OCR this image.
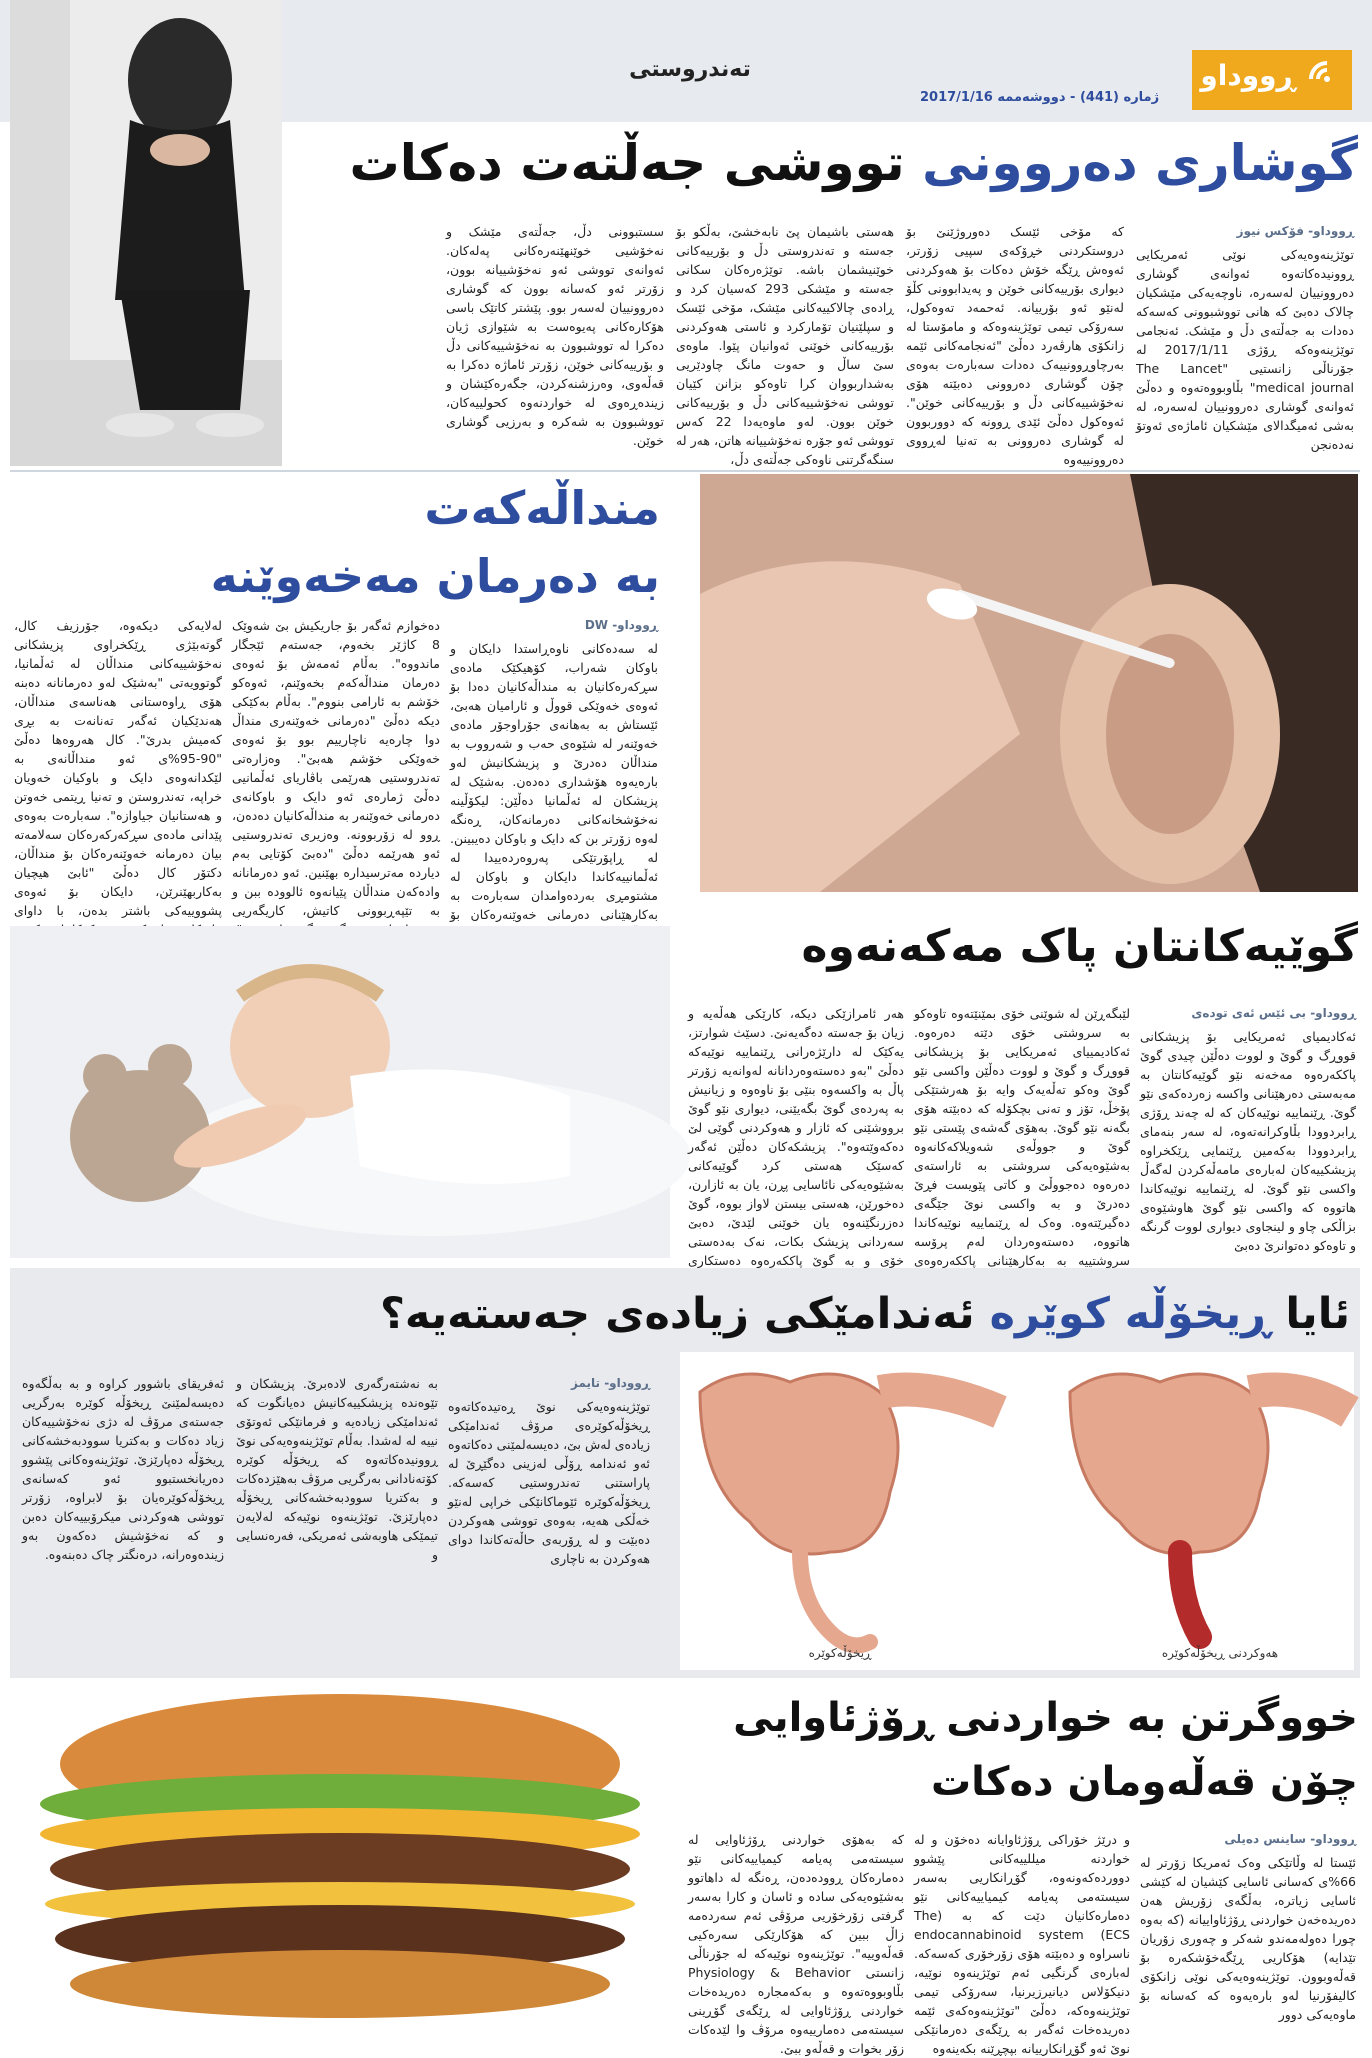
تەندروستی	ڕووداو
ژمارە (441) - دووشەممە 2017/1/16
گوشاری دەروونی تووشی جەڵتەت دەکات
ڕووداو- فۆکس نیوز

توێژینەوەیەکی نوێی ئەمریکایی ڕوونیدەکاتەوە ئەوانەی گوشاری دەروونییان لەسەرە، ناوچەیەکی مێشکیان چالاک دەبێ کە هانی تووشبوونی کەسەکە دەدات بە جەڵتەی دڵ و مێشک. ئەنجامی توێژینەوەکە ڕۆژی 2017/1/11 لە جۆرناڵی زانستیی "The Lancet medical journal" بڵاوبووەتەوە و دەڵێ ئەوانەی گوشاری دەروونییان لەسەرە، لە بەشی ئەمیگدالای مێشکیان ئاماژەی ئەوتۆ نەدەنجن

کە مۆخی ئێسک دەوروژێنێ بۆ دروستکردنی خڕۆکەی سپیی زۆرتر، ئەوەش ڕێگە خۆش دەکات بۆ هەوکردنی دیواری بۆرییەکانی خوێن و پەیدابوونی کڵۆ لەنێو ئەو بۆرییانە. ئەحمەد تەوەکول، سەرۆکی تیمی توێژینەوەکە و مامۆستا لە زانکۆی هارڤەرد دەڵێ "ئەنجامەکانی ئێمە بەرچاوڕوونییەک دەدات سەبارەت بەوەی چۆن گوشاری دەروونی دەبێتە هۆی نەخۆشییەکانی دڵ و بۆرییەکانی خوێن". ئەوەکول دەڵێ ئێدی ڕوونە کە دووربوون لە گوشاری دەروونی بە تەنیا لەڕووی دەروونییەوە

هەستی باشیمان پێ نابەخشێ، بەڵکو بۆ جەستە و تەندروستی دڵ و بۆرییەکانی خوێنیشمان باشە. توێژەرەکان سکانی جەستە و مێشکی 293 کەسیان کرد و ڕادەی چالاکییەکانی مێشک، مۆخی ئێسک و سپلێنیان تۆمارکرد و ئاستی هەوکردنی بۆرییەکانی خوێنی ئەوانیان پێوا. ماوەی سێ ساڵ و حەوت مانگ چاودێریی بەشداربووان کرا تاوەکو بزانن کێیان تووشی نەخۆشییەکانی دڵ و بۆرییەکانی خوێن بوون. لەو ماوەیەدا 22 کەس تووشی ئەو جۆرە نەخۆشییانە هاتن، هەر لە سنگەگرتنی ناوەکی جەڵتەی دڵ،

سستبوونی دڵ، جەڵتەی مێشک و نەخۆشیی خوێنهێنەرەکانی پەلەکان. ئەوانەی تووشی ئەو نەخۆشییانە بوون، زۆرتر ئەو کەسانە بوون کە گوشاری دەروونییان لەسەر بوو. پێشتر کاتێک باسی هۆکارەکانی پەیوەست بە شێوازی ژیان دەکرا لە تووشبوون بە نەخۆشییەکانی دڵ و بۆرییەکانی خوێن، زۆرتر ئاماژە دەکرا بە قەڵەوی، وەرزشنەکردن، جگەرەکێشان و زیندەڕەوی لە خواردنەوە کحولییەکان، تووشبوون بە شەکرە و بەرزیی گوشاری خوێن.

منداڵەکەت
بە دەرمان مەخەوێنە
ڕووداو- DW

لە سەدەکانی ناوەڕاستدا دایکان و باوکان شەراب، کۆهیکێک مادەی سڕکەرەکانیان بە منداڵەکانیان دەدا بۆ ئەوەی خەوێکی قووڵ و ئارامیان هەبێ، ئێستاش بە بەهانەی جۆراوجۆر مادەی خەوێنەر لە شێوەی حەب و شەرووب بە منداڵان دەدرێ و پزیشکانیش لەو بارەیەوە هۆشداری دەدەن. بەشێک لە پزیشکان لە ئەڵمانیا دەڵێن: لیکۆڵینە نەخۆشخانەکانی دەرمانەکان، ڕەنگە لەوە زۆرتر بن کە دایک و باوکان دەیبینن. لە ڕاپۆرتێکی پەروەردەییدا لە ئەڵمانییەکاندا دایکان و باوکان لە مشتومڕی بەردەوامدان سەبارەت بە بەکارهێنانی دەرمانی خەوێنەرەکان بۆ

دەخوازم ئەگەر بۆ جاریکیش بێ شەوێک 8 کاژێر بخەوم، جەستەم ئێجگار ماندووە". بەڵام ئەمەش بۆ ئەوەی دەرمان منداڵەکەم بخەوێنم، ئەوەکو خۆشم بە ئارامی بنووم". بەڵام بەکێکی دیکە دەڵێ "دەرمانی خەوێنەری منداڵ دوا چارەیە ناچارییم بوو بۆ ئەوەی خەوێکی خۆشم هەبێ". وەزارەتی تەندروستیی هەرێمی باڤاریای ئەڵمانیی دەڵێ ژمارەی ئەو دایک و باوکانەی دەرمانی خەوێنەر بە منداڵەکانیان دەدەن، ڕوو لە زۆربوونە. وەزیری تەندروستیی ئەو هەرێمە دەڵێ "دەبێ کۆتایی بەم دیاردە مەترسیدارە بهێنین. ئەو دەرمانانە وادەکەن منداڵان پێیانەوە ئالوودە ببن و بە تێپەڕبوونی کاتیش، کاریگەریی

لەلایەکی دیکەوە، جۆرزیف کال، گوتەبێژی ڕێکخراوی پزیشکانی نەخۆشییەکانی منداڵان لە ئەڵمانیا، گوتوویەتی "بەشێک لەو دەرمانانە دەبنە هۆی ڕاوەستانی هەناسەی منداڵان، هەندێکیان ئەگەر تەنانەت بە بڕی کەمیش بدرێ". کال هەروەها دەڵێ "90-95%ی ئەو منداڵانەی بە لێکدانەوەی دایک و باوکیان خەویان خراپە، تەندروستن و تەنیا ڕیتمی خەوتن و هەستانیان جیاوازە". سەبارەت بەوەی پێدانی مادەی سڕکەرکەرەکان سەلامەتە بیان دەرمانە خەوێنەرەکان بۆ منداڵان، دکتۆر کال دەڵێ "ئابێ هیچیان بەکاربهێنرێن، دایکان بۆ ئەوەی پشووییەکی باشتر بدەن، با داوای

گوێیەکانتان پاک مەکەنەوە
ڕووداو- بی ئێس ئەی تودەی

ئەکادیمیای ئەمریکایی بۆ پزیشکانی قووڕگ و گوێ و لووت دەڵێن چیدی گوێ پاککەرەوە مەخەنە نێو گوێیەکانتان بە مەبەستی دەرهێنانی واکسە زەردەکەی نێو گوێ. ڕێنماییە نوێیەکان کە لە چەند ڕۆژی ڕابردوودا بڵاوکرانەتەوە، لە سەر بنەمای ڕابردوودا بەکەمین ڕێنمایی ڕێکخراوە پزیشکییەکان لەبارەی مامەڵەکردن لەگەڵ واکسی نێو گوێ. لە ڕێنماییە نوێیەکاندا هاتووە کە واکسی نێو گوێ هاوشێوەی بزاڵکی چاو و لینجاوی دیواری لووت گرنگە و تاوەکو دەتوانرێ دەبێ

لێبگەڕێن لە شوێنی خۆی بمێنێتەوە تاوەکو بە سروشتی خۆی دێتە دەرەوە. ئەکادیمییای ئەمریکایی بۆ پزیشکانی قووڕگ و گوێ و لووت دەڵێن واکسی نێو گوێ وەکو تەڵەیەک وایە بۆ هەرشتێکی پۆخڵ، تۆز و تەنی بچکۆلە کە دەبێتە هۆی بگەنە نێو گوێ. بەهۆی گەشەی پێستی نێو گوێ و جووڵەی شەویلاکەکانەوە بەشێوەیەکی سروشتی بە ئاراستەی دەرەوە دەجووڵێ و کاتی پێویست فڕێ دەدرێ و بە واکسی نوێ جێگەی دەگیرێتەوە. وەک لە ڕێنماییە نوێیەکاندا هاتووە، دەستەوەردان لەم پرۆسە سروشتییە بە بەکارهێنانی پاککەرەوەی

هەر ئامرازێکی دیکە، کارێکی هەڵەیە و زیان بۆ جەستە دەگەیەنێ. دسێث شوارتز، یەکێک لە دارێژەرانی ڕێنماییە نوێیەکە دەڵێ "بەو دەستەوەردانانە لەوانەیە زۆرتر پاڵ بە واکسەوە بنێی بۆ ناوەوە و زیانیش بە پەردەی گوێ بگەیێنی، دیواری نێو گوێ برووشێنی کە ئازار و هەوکردنی گوێی لێ دەکەوێتەوە". پزیشکەکان دەڵێن ئەگەر کەسێک هەستی کرد گوێیەکانی بەشێوەیەکی نائاسایی پڕن، یان بە ئازارن، دەخورێن، هەستی بیستن لاواز بووە، گوێ دەزرنگێنەوە یان خوێنی لێدێ، دەبێ سەردانی پزیشک بکات، نەک بەدەستی خۆی و بە گوێ پاککەرەوە دەستکاری

ئایا ڕیخۆڵە کوێرە ئەندامێکی زیادەی جەستەیە؟
ڕووداو- تایمز

توێژینەوەیەکی نوێ ڕەتیدەکاتەوە ڕیخۆڵەکوێرەی مرۆڤ ئەندامێکی زیادەی لەش بێ، دەیسەلمێنی دەکاتەوە ئەو ئەندامە ڕۆڵی لەزینی دەگێڕێ لە پاراستنی تەندروستیی کەسەکە. ڕیخۆڵەکوێرە ئێوماکانێکی خراپی لەنێو خەڵکی هەیە، بەوەی تووشی هەوکردن دەبێت و لە ڕۆربەی حاڵەتەکاندا دوای هەوکردن بە ناچاری

بە نەشتەرگەری لادەبرێ. پزیشکان و تێوەنده پزیشکییەکانیش دەیانگوت کە ئەندامێکی زیادەیە و فرمانێکی ئەوتۆی نییە لە لەشدا. بەڵام توێژینەوەیەکی نوێ ڕوونیدەکاتەوە کە ڕیخۆڵە کوێرە کۆتەنادانی بەرگریی مرۆڤ بەهێزدەکات و بەکتریا سوودبەخشەکانی ڕیخۆڵە دەپارێزێ. توێژینەوە نوێیەکە لەلایەن تیمێکی هاوبەشی ئەمریکی، فەرەنسایی و

ئەفریقای باشوور کراوە و بە بەڵگەوە دەیسەلمێنێ ڕیخۆڵە کوێرە بەرگریی جەستەی مرۆڤ لە دژی نەخۆشییەکان زیاد دەکات و بەکتریا سوودبەخشەکانی ڕیخۆڵە دەپارێزێ. توێژینەوەکانی پێشوو دەریانخستبوو ئەو کەسانەی ڕیخۆڵەکوێرەیان بۆ لابراوە، زۆرتر تووشی هەوکردنی میکرۆبییەکان دەبن و کە نەخۆشیش دەکەون بەو زیندەوەرانە، درەنگتر چاک دەبنەوە.

ڕیخۆڵەکوێرە	هەوکردنی ڕیخۆڵەکوێرە
خووگرتن بە خواردنی ڕۆژئاوایی
چۆن قەڵەومان دەکات
ڕووداو- ساینس دەیلی

ئێستا لە وڵاتێکی وەک ئەمریکا زۆرتر لە 66%ی کەسانی ئاسایی کێشیان لە کێشی ئاسایی زیاترە، بەڵگەی زۆریش هەن دەریدەخەن خواردنی ڕۆژئاواییانە (کە بەوە چورا دەولەمەندو شەکر و چەوری زۆریان تێدایە) هۆکاریی ڕێگەخۆشکەرە بۆ قەڵەوبوون. توێژینەوەیەکی نوێی زانکۆی کالیفۆرنیا لەو بارەیەوە کە کەسانە بۆ ماوەیەکی دوور

و درێژ خۆراکی ڕۆژئاوایانە دەخۆن و لە خواردنە میللییەکانی پێشوو دووردەکەونەوە، گۆڕانکاریی بەسەر سیستەمی پەیامە کیمیاییەکانی نێو دەمارەکانیان دێت کە بە (The endocannabinoid system (ECS ناسراوە و دەبێتە هۆی زۆرخۆری کەسەکە. لەبارەی گرنگیی ئەم توێژینەوە نوێیە، دنیکۆلاس دیانیرزیرنیا، سەرۆکی تیمی توێژینەوەکە، دەڵێ "توێژینەوەکەی ئێمە دەریدەخات ئەگەر بە ڕێگەی دەرمانێکی نوێ ئەو گۆڕانکارییانە بپچڕێنە بکەینەوە

کە بەهۆی خواردنی ڕۆژئاوایی لە سیستەمی پەیامە کیمیاییەکانی نێو دەمارەکان ڕوودەدەن، ڕەنگە لە داهاتوو بەشێوەیەکی سادە و ئاسان و کارا بەسەر گرفتی زۆرخۆریی مرۆڤی ئەم سەردەمە زاڵ ببین کە هۆکارێکی سەرەکیی قەڵەوییە". توێژینەوە نوێیەکە لە جۆرناڵی زانستی Physiology & Behavior بڵاوبووەتەوە و بەکەمجارە دەریدەخات خواردنی ڕۆژئاوایی لە ڕێگەی گۆڕینی سیستەمی دەمارییەوە مرۆڤ وا لێدەکات زۆر بخوات و قەڵەو ببێ.
